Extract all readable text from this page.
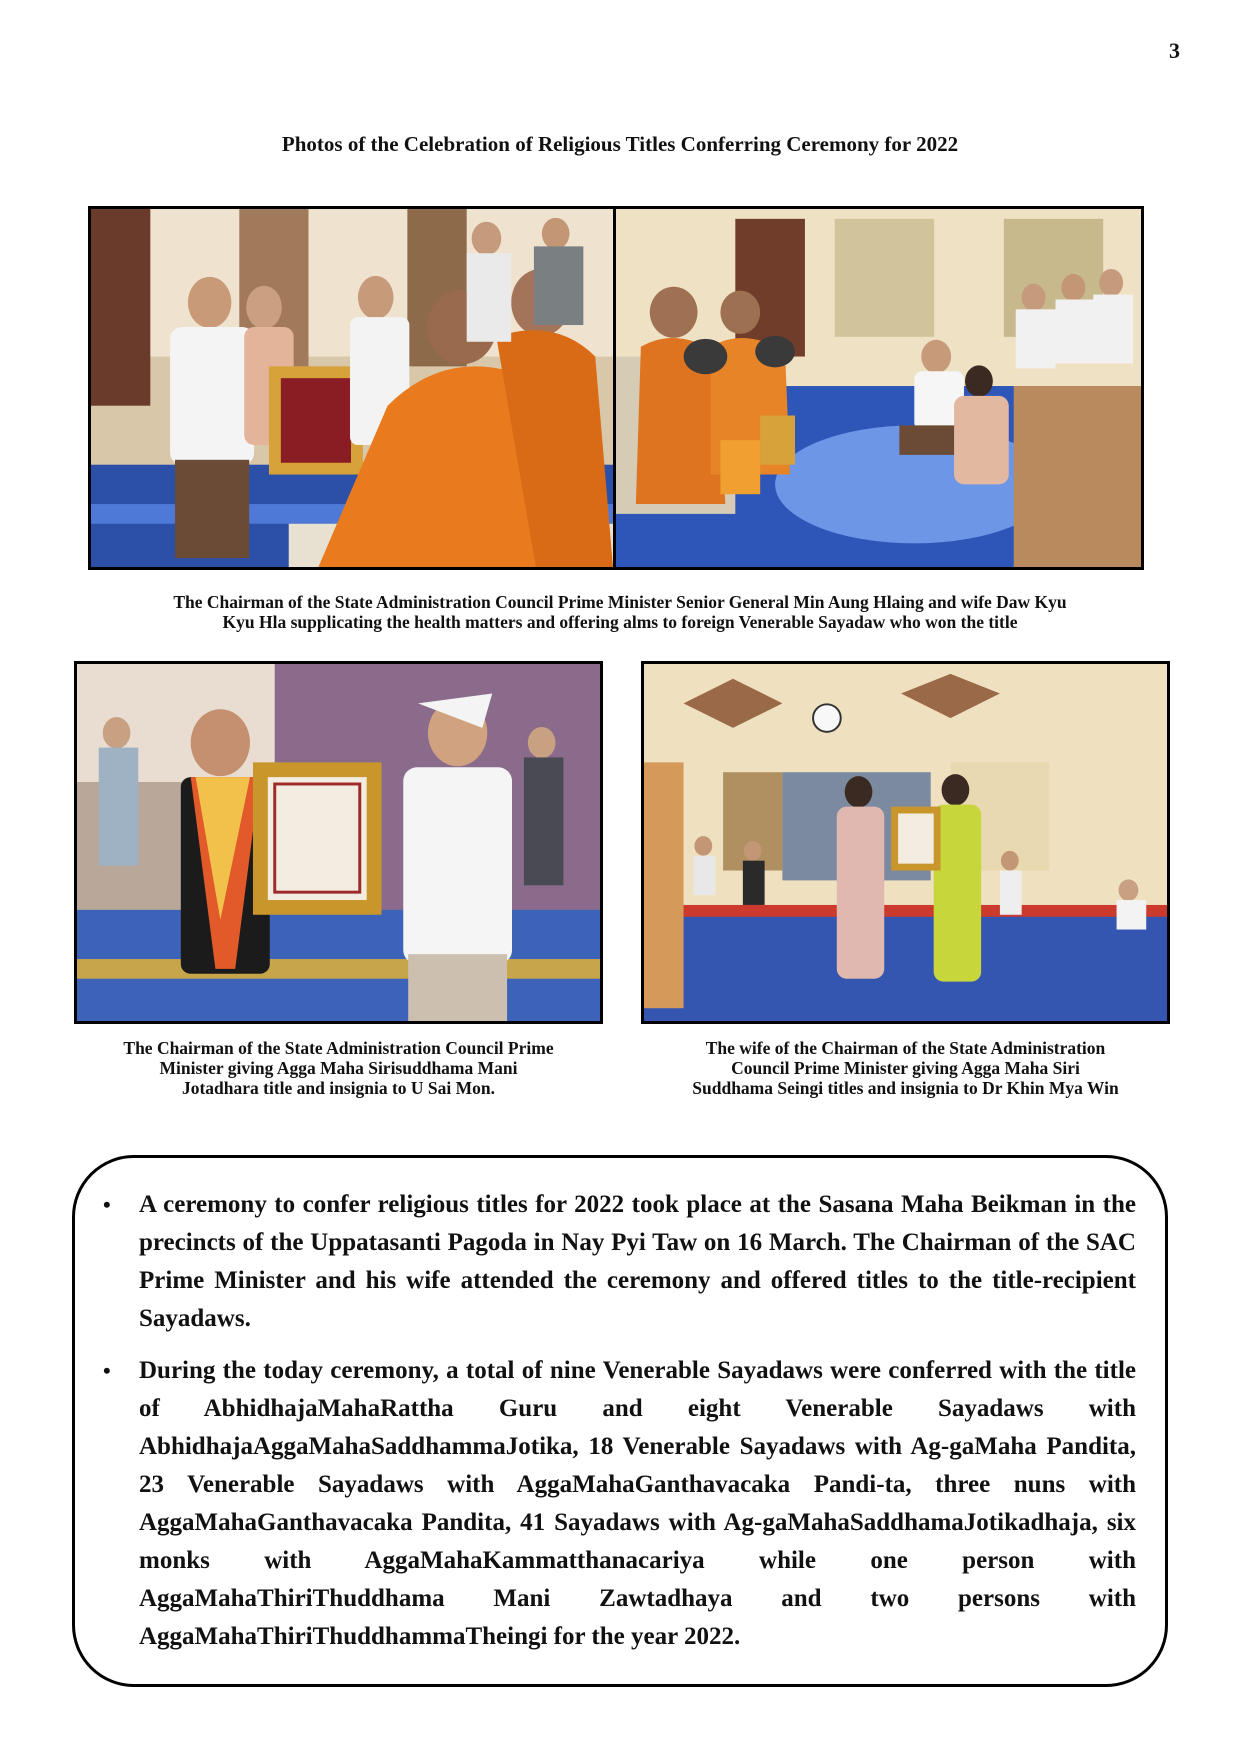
3
Photos of the Celebration of Religious Titles Conferring Ceremony for 2022
The Chairman of the State Administration Council Prime Minister Senior General Min Aung Hlaing and wife Daw Kyu
Kyu Hla supplicating the health matters and offering alms to foreign Venerable Sayadaw who won the title
The Chairman of the State Administration Council Prime
Minister giving Agga Maha Sirisuddhama Mani
Jotadhara title and insignia to U Sai Mon.
The wife of the Chairman of the State Administration
Council Prime Minister giving Agga Maha Siri
Suddhama Seingi titles and insignia to Dr Khin Mya Win
• A ceremony to confer religious titles for 2022 took place at the Sasana Maha Beikman in the precincts of the Uppatasanti Pagoda in Nay Pyi Taw on 16 March. The Chairman of the SAC Prime Minister and his wife attended the ceremony and offered titles to the title-recipient Sayadaws.
• During the today ceremony, a total of nine Venerable Sayadaws were conferred with the title of AbhidhajaMahaRattha Guru and eight Venerable Sayadaws with AbhidhajaAggaMahaSaddhammaJotika, 18 Venerable Sayadaws with Ag-gaMaha Pandita, 23 Venerable Sayadaws with AggaMahaGanthavacaka Pandi-ta, three nuns with AggaMahaGanthavacaka Pandita, 41 Sayadaws with Ag-gaMahaSaddhamaJotikadhaja, six monks with AggaMahaKammatthanacariya while one person with AggaMahaThiriThuddhama Mani Zawtadhaya and two persons with AggaMahaThiriThuddhammaTheingi for the year 2022.
